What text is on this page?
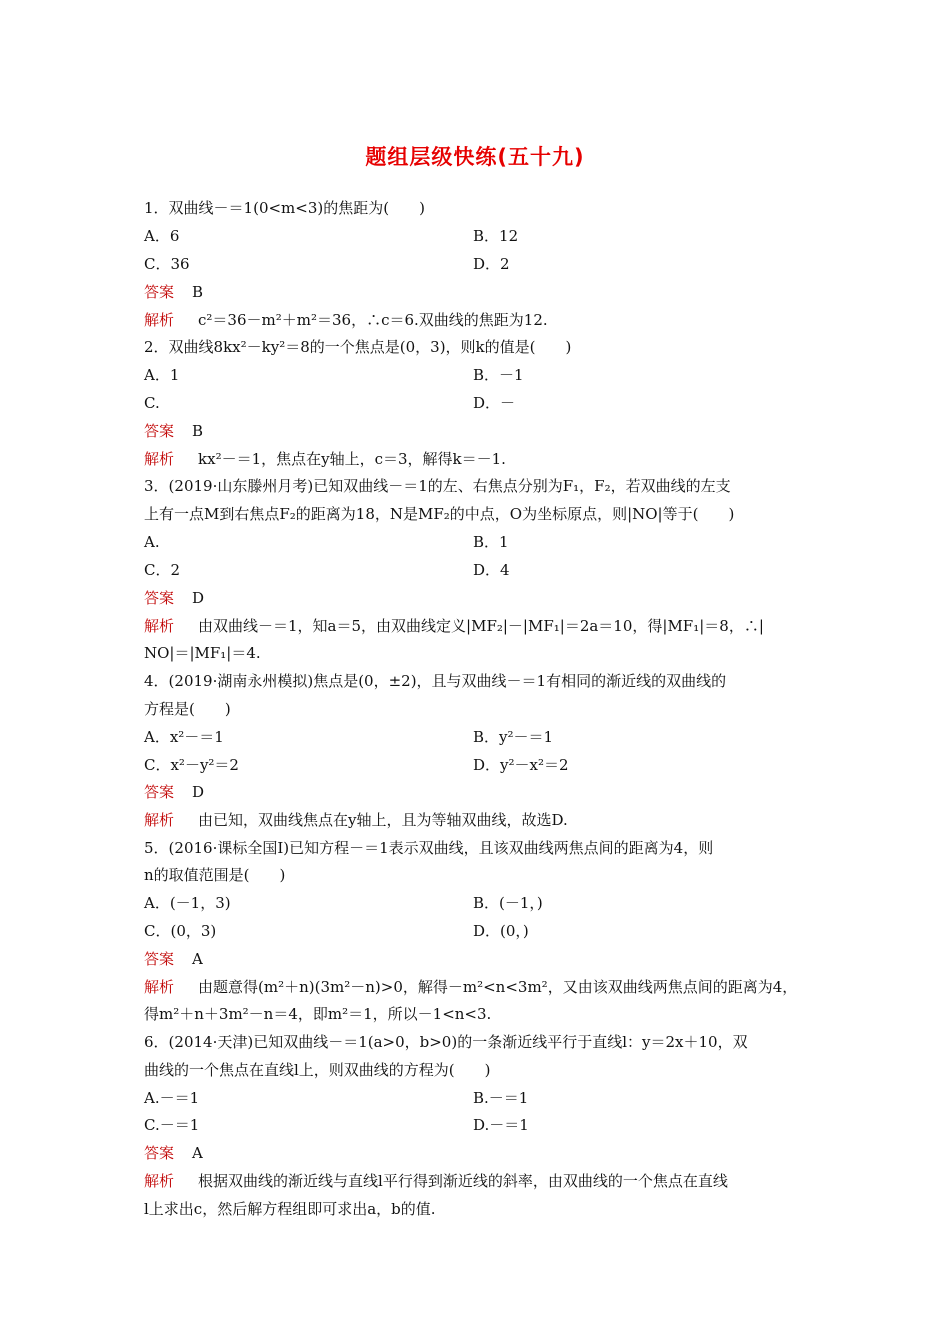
题组层级快练(五十九)
1．双曲线－＝1(0<m<3)的焦距为(　　)
A．6	B．12
C．36	D．2
答案 B
解析 c²＝36－m²＋m²＝36，∴c＝6.双曲线的焦距为12.
2．双曲线8kx²－ky²＝8的一个焦点是(0，3)，则k的值是(　　)
A．1	B．－1
C.	D．－
答案 B
解析 kx²－＝1，焦点在y轴上，c＝3，解得k＝－1.
3．(2019·山东滕州月考)已知双曲线－＝1的左、右焦点分别为F₁，F₂，若双曲线的左支
上有一点M到右焦点F₂的距离为18，N是MF₂的中点，O为坐标原点，则|NO|等于(　　)
A.	B．1
C．2	D．4
答案 D
解析 由双曲线－＝1，知a＝5，由双曲线定义|MF₂|－|MF₁|＝2a＝10，得|MF₁|＝8，∴|
NO|＝|MF₁|＝4.
4．(2019·湖南永州模拟)焦点是(0，±2)，且与双曲线－＝1有相同的渐近线的双曲线的
方程是(　　)
A．x²－＝1	B．y²－＝1
C．x²－y²＝2	D．y²－x²＝2
答案 D
解析 由已知，双曲线焦点在y轴上，且为等轴双曲线，故选D.
5．(2016·课标全国Ⅰ)已知方程－＝1表示双曲线，且该双曲线两焦点间的距离为4，则
n的取值范围是(　　)
A．(－1，3)	B．(－1，)
C．(0，3)	D．(0，)
答案 A
解析 由题意得(m²＋n)(3m²－n)>0，解得－m²<n<3m²，又由该双曲线两焦点间的距离为4，
得m²＋n＋3m²－n＝4，即m²＝1，所以－1<n<3.
6．(2014·天津)已知双曲线－＝1(a>0，b>0)的一条渐近线平行于直线l：y＝2x＋10，双
曲线的一个焦点在直线l上，则双曲线的方程为(　　)
A.－＝1	B.－＝1
C.－＝1	D.－＝1
答案 A
解析 根据双曲线的渐近线与直线l平行得到渐近线的斜率，由双曲线的一个焦点在直线
l上求出c，然后解方程组即可求出a，b的值.
